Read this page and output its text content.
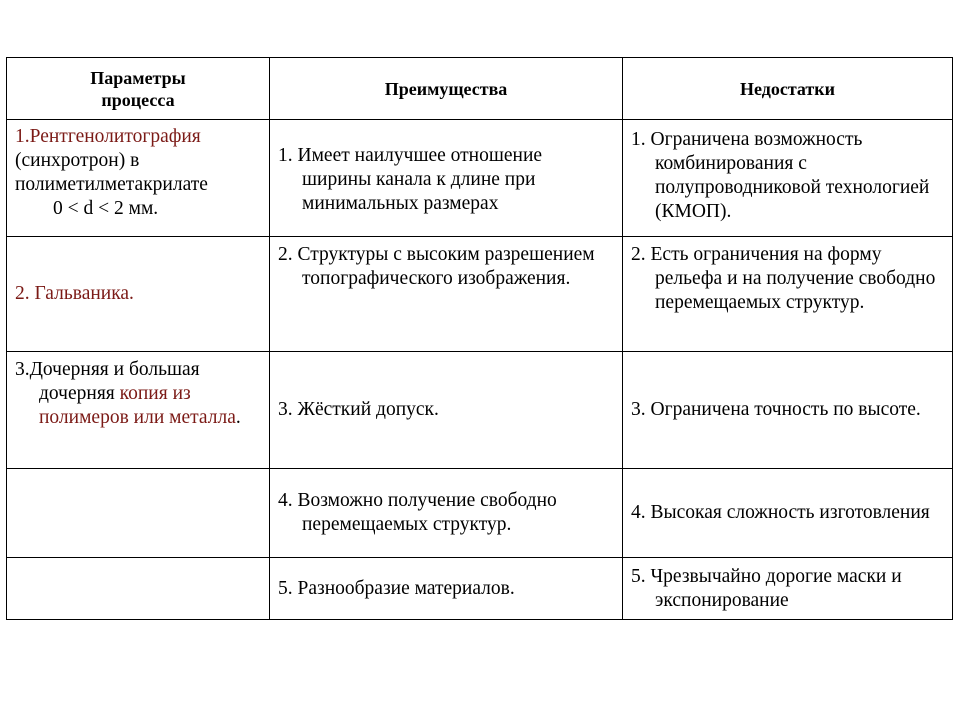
Параметры
процесса	Преимущества	Недостатки

1.Рентгенолитография
(синхротрон) в
полиметилметакрилате
0 < d < 2 мм.	1. Имеет наилучшее отношение ширины канала к длине при минимальных размерах	1. Ограничена возможность комбинирования с полупроводниковой технологией (КМОП).

2. Гальваника.	2. Структуры с высоким разрешением топографического изображения.	2. Есть ограничения на форму рельефа и на получение свободно перемещаемых структур.

3.Дочерняя и большая дочерняя копия из полимеров или металла.	3. Жёсткий допуск.	3. Ограничена точность по высоте.

	4. Возможно получение свободно перемещаемых структур.	4. Высокая сложность изготовления

	5. Разнообразие материалов.	5. Чрезвычайно дорогие маски и экспонирование
